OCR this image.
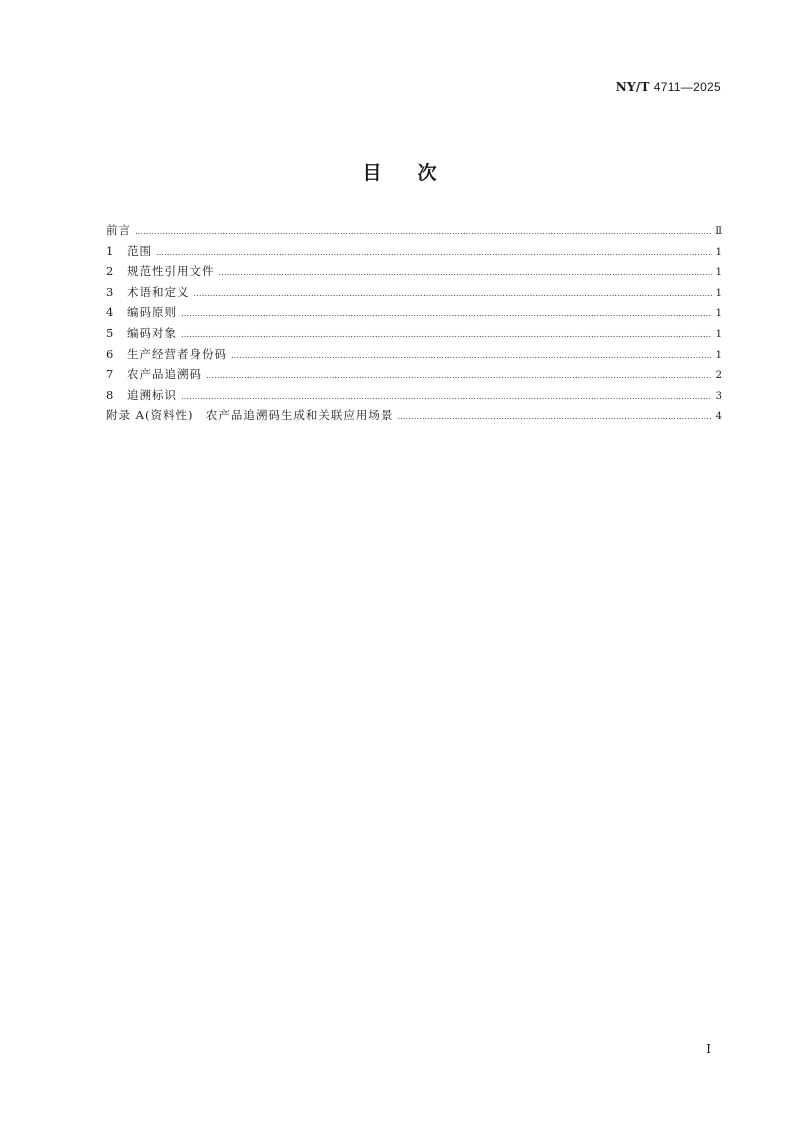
NY/T 4711—2025
目次
前言 ……………………………………………………………………………………………………………………………………………………………………………………………………………………………………………………………………………………	Ⅱ
1	范围 ……………………………………………………………………………………………………………………………………………………………………………………………………………………………………………………………………………………	1
2	规范性引用文件 ……………………………………………………………………………………………………………………………………………………………………………………………………………………………………………………………………………………	1
3	术语和定义 ……………………………………………………………………………………………………………………………………………………………………………………………………………………………………………………………………………………	1
4	编码原则 ……………………………………………………………………………………………………………………………………………………………………………………………………………………………………………………………………………………	1
5	编码对象 ……………………………………………………………………………………………………………………………………………………………………………………………………………………………………………………………………………………	1
6	生产经营者身份码 ……………………………………………………………………………………………………………………………………………………………………………………………………………………………………………………………………………………	1
7	农产品追溯码 ……………………………………………………………………………………………………………………………………………………………………………………………………………………………………………………………………………………	2
8	追溯标识 ……………………………………………………………………………………………………………………………………………………………………………………………………………………………………………………………………………………	3
附录 A(资料性)　农产品追溯码生成和关联应用场景 ……………………………………………………………………………………………………………………………………………………………………………………………………………………………………………………………………………………	4
I
